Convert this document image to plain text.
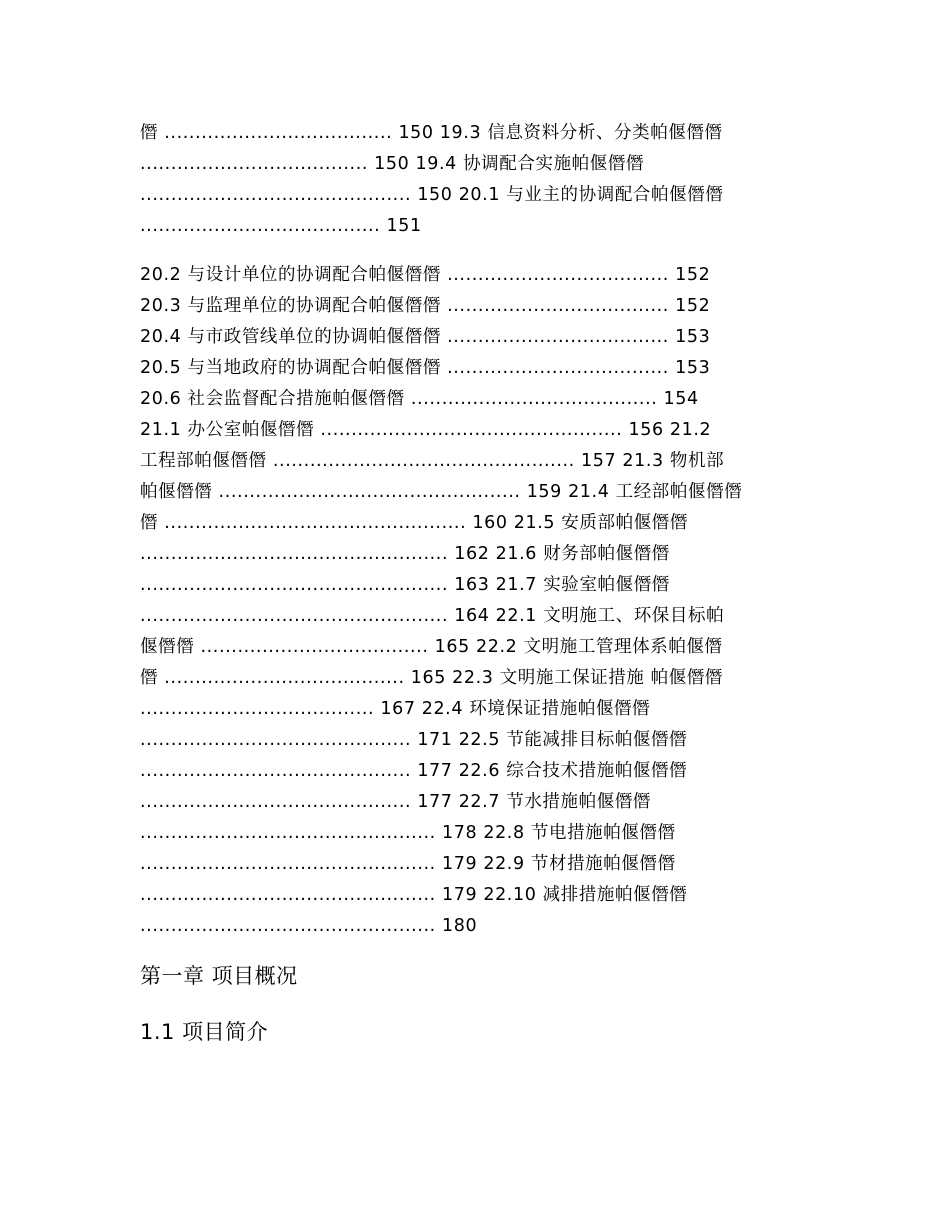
僭 ..................................... 150 19.3 信息资料分析、分类帕偃僭僭
..................................... 150 19.4 协调配合实施帕偃僭僭
............................................ 150 20.1 与业主的协调配合帕偃僭僭
....................................... 151
20.2 与设计单位的协调配合帕偃僭僭 .................................... 152
20.3 与监理单位的协调配合帕偃僭僭 .................................... 152
20.4 与市政管线单位的协调帕偃僭僭 .................................... 153
20.5 与当地政府的协调配合帕偃僭僭 .................................... 153
20.6 社会监督配合措施帕偃僭僭 ........................................ 154
21.1 办公室帕偃僭僭 ................................................. 156 21.2
工程部帕偃僭僭 ................................................. 157 21.3 物机部
帕偃僭僭 ................................................. 159 21.4 工经部帕偃僭僭
僭 ................................................. 160 21.5 安质部帕偃僭僭
.................................................. 162 21.6 财务部帕偃僭僭
.................................................. 163 21.7 实验室帕偃僭僭
.................................................. 164 22.1 文明施工、环保目标帕
偃僭僭 ..................................... 165 22.2 文明施工管理体系帕偃僭
僭 ....................................... 165 22.3 文明施工保证措施 帕偃僭僭
...................................... 167 22.4 环境保证措施帕偃僭僭
............................................ 171 22.5 节能减排目标帕偃僭僭
............................................ 177 22.6 综合技术措施帕偃僭僭
............................................ 177 22.7 节水措施帕偃僭僭
................................................ 178 22.8 节电措施帕偃僭僭
................................................ 179 22.9 节材措施帕偃僭僭
................................................ 179 22.10 减排措施帕偃僭僭
................................................ 180
第一章 项目概况
1.1 项目简介
